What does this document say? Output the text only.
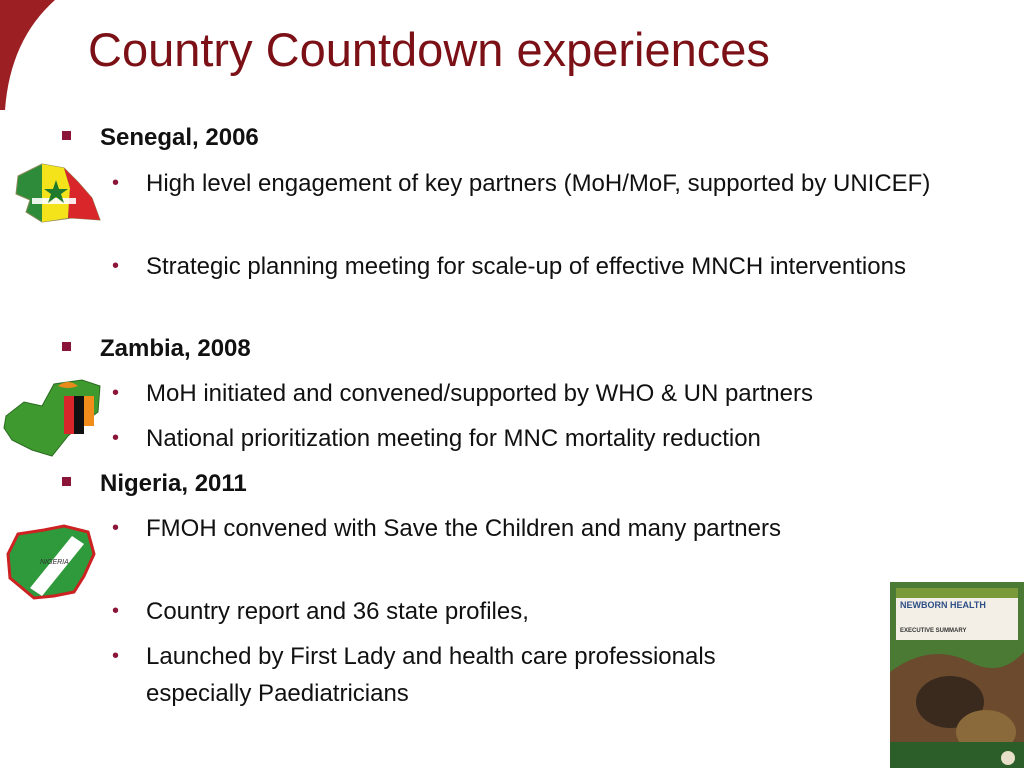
Country Countdown experiences
Senegal, 2006
• High level engagement of key partners (MoH/MoF, supported by UNICEF)
• Strategic planning meeting for scale-up of effective MNCH interventions
Zambia, 2008
• MoH initiated and convened/supported by WHO & UN partners
• National prioritization meeting for MNC mortality reduction
Nigeria, 2011
NIGERIA
• FMOH convened with Save the Children and many partners
• Country report and 36 state profiles,
• Launched by First Lady and health care professionals especially Paediatricians
NEWBORN HEALTH
EXECUTIVE SUMMARY
